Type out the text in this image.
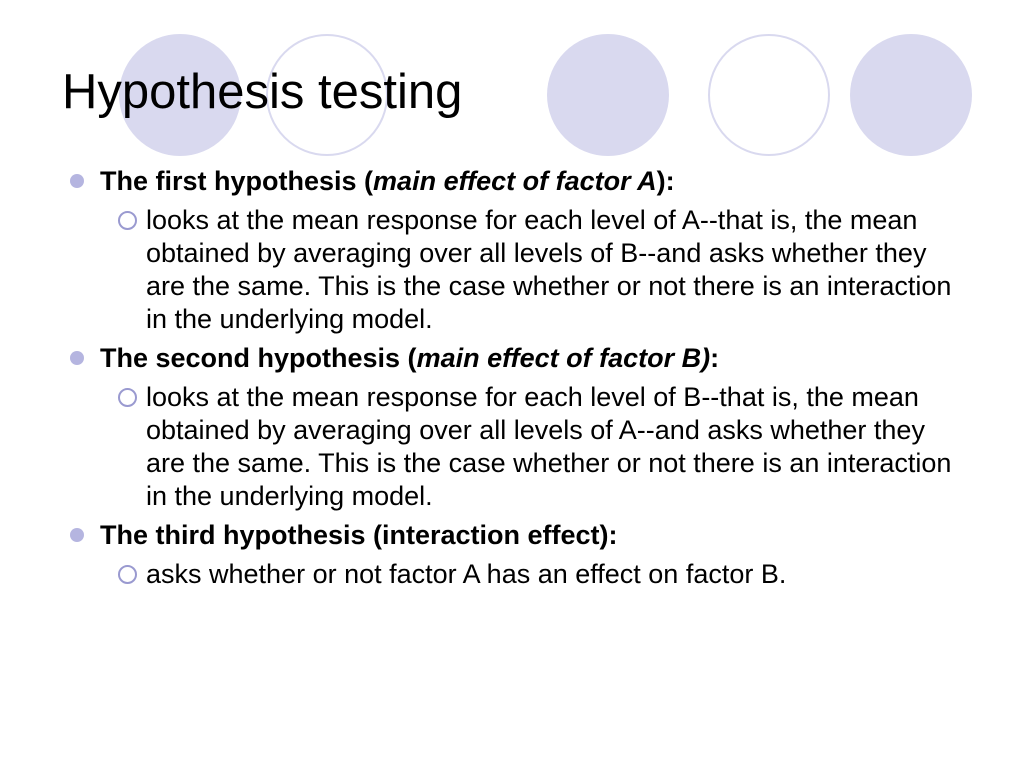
Hypothesis testing

The first hypothesis (main effect of factor A):

looks at the mean response for each level of A--that is, the mean obtained by averaging over all levels of B--and asks whether they are the same. This is the case whether or not there is an interaction in the underlying model.

The second hypothesis (main effect of factor B):

looks at the mean response for each level of B--that is, the mean obtained by averaging over all levels of A--and asks whether they are the same. This is the case whether or not there is an interaction in the underlying model.

The third hypothesis (interaction effect):

asks whether or not factor A has an effect on factor B.
